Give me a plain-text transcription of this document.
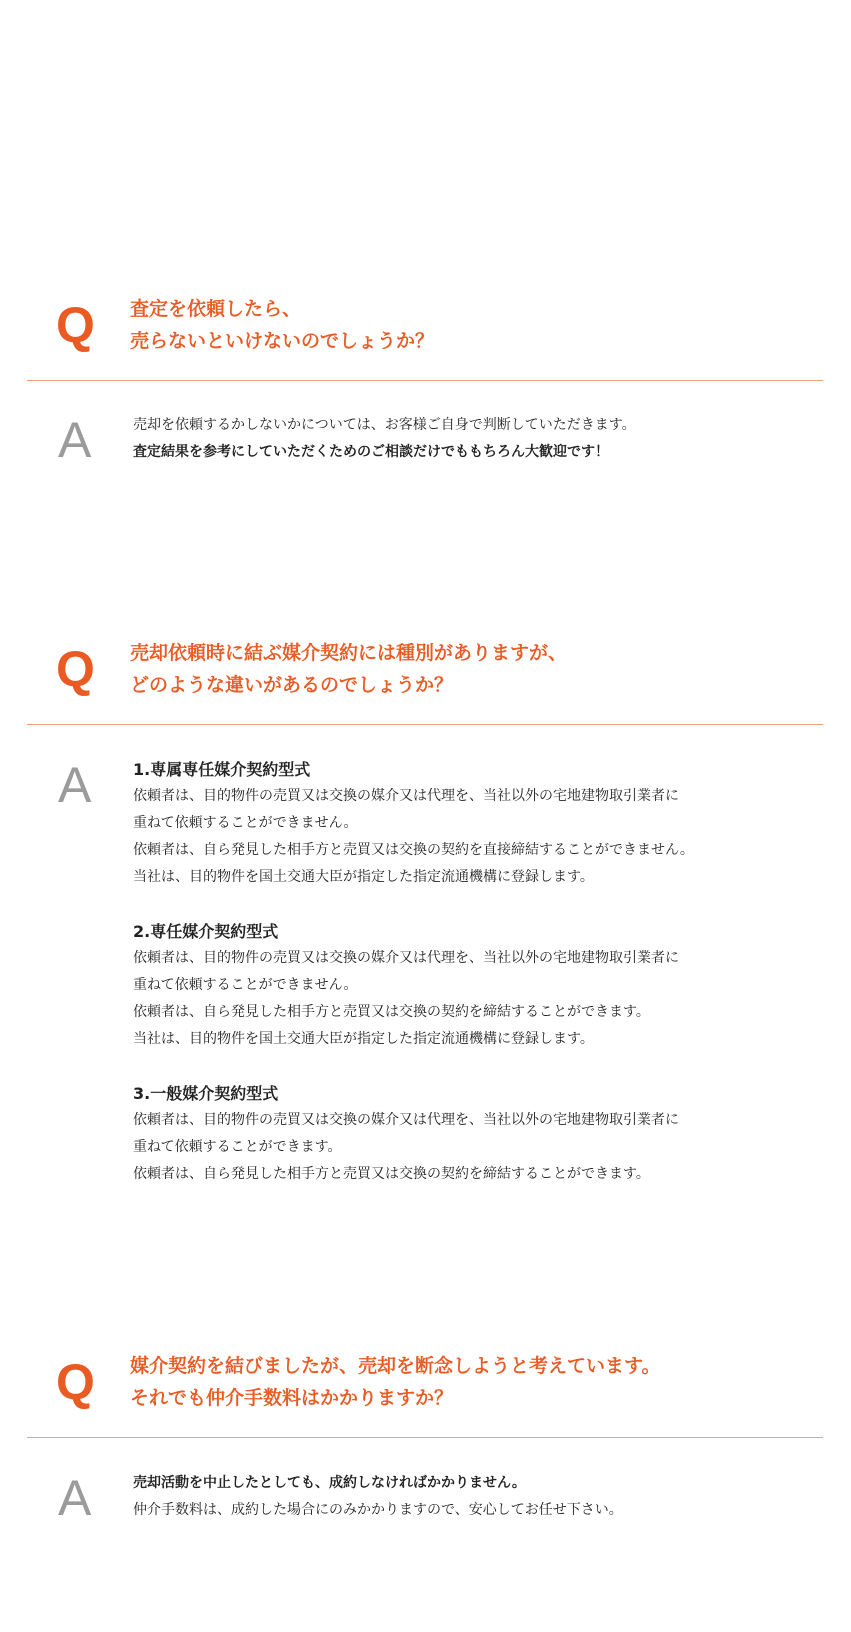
Q 査定を依頼したら、
売らないといけないのでしょうか？
A	売却を依頼するかしないかについては、お客様ご自身で判断していただきます。
査定結果を参考にしていただくためのご相談だけでももちろん大歓迎です！
Q 売却依頼時に結ぶ媒介契約には種別がありますが、
どのような違いがあるのでしょうか？
A	1.専属専任媒介契約型式
依頼者は、目的物件の売買又は交換の媒介又は代理を、当社以外の宅地建物取引業者に
重ねて依頼することができません。
依頼者は、自ら発見した相手方と売買又は交換の契約を直接締結することができません。
当社は、目的物件を国土交通大臣が指定した指定流通機構に登録します。
2.専任媒介契約型式
依頼者は、目的物件の売買又は交換の媒介又は代理を、当社以外の宅地建物取引業者に
重ねて依頼することができません。
依頼者は、自ら発見した相手方と売買又は交換の契約を締結することができます。
当社は、目的物件を国土交通大臣が指定した指定流通機構に登録します。
3.一般媒介契約型式
依頼者は、目的物件の売買又は交換の媒介又は代理を、当社以外の宅地建物取引業者に
重ねて依頼することができます。
依頼者は、自ら発見した相手方と売買又は交換の契約を締結することができます。
Q 媒介契約を結びましたが、売却を断念しようと考えています。
それでも仲介手数料はかかりますか？
A	売却活動を中止したとしても、成約しなければかかりません。
仲介手数料は、成約した場合にのみかかりますので、安心してお任せ下さい。
